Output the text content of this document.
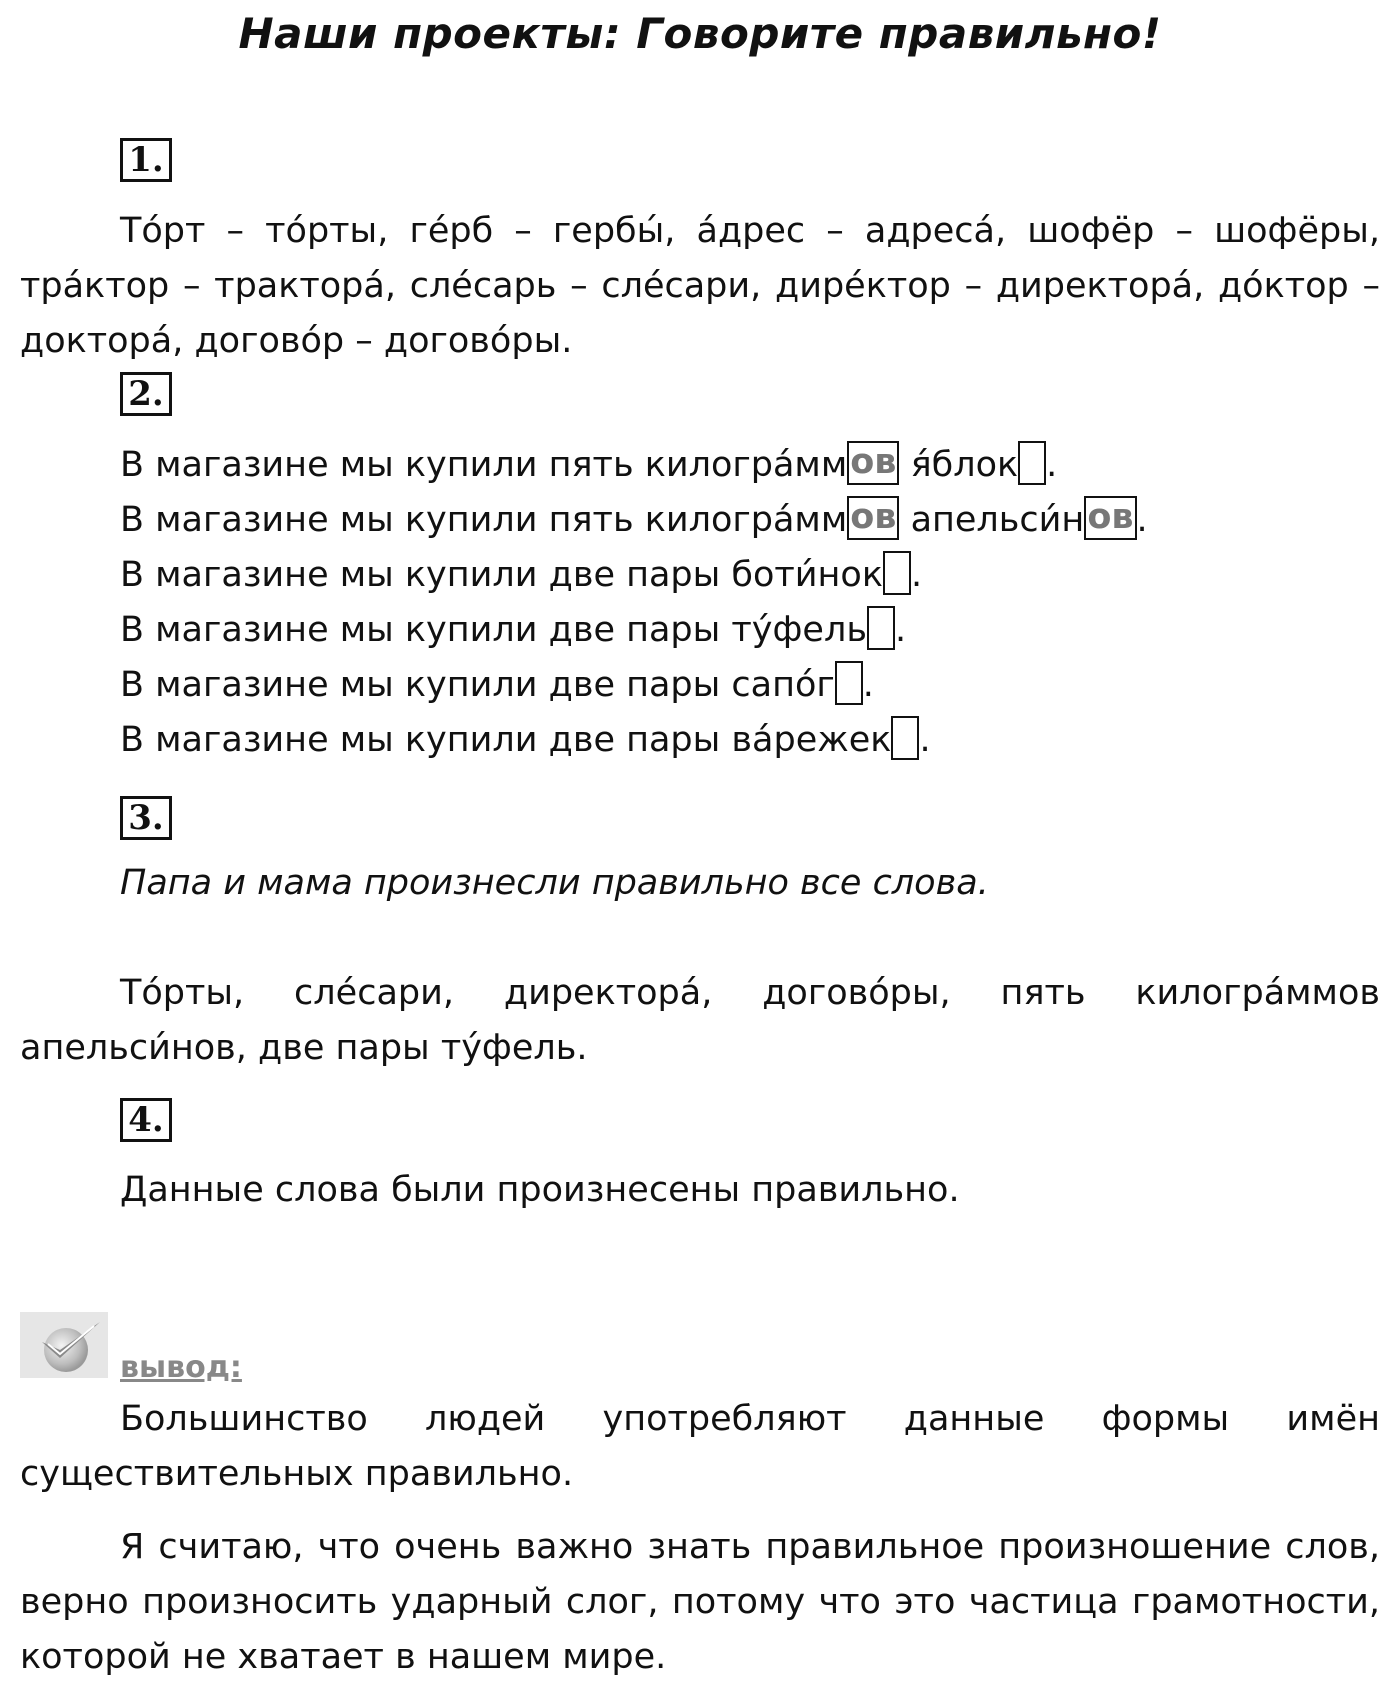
Наши проекты: Говорите правильно!
1.

То́рт – то́рты, ге́рб – гербы́, а́дрес – адреса́, шофёр – шофёры, тра́ктор – трактора́, сле́сарь – сле́сари, дире́ктор – директора́, до́ктор – доктора́, догово́р – догово́ры.

2.

В магазине мы купили пять килогра́ммов я́блок .

В магазине мы купили пять килогра́ммов апельси́нов.

В магазине мы купили две пары боти́нок .

В магазине мы купили две пары ту́фель .

В магазине мы купили две пары сапо́г .

В магазине мы купили две пары ва́режек .

3.

Папа и мама произнесли правильно все слова.

То́рты, сле́сари, директора́, догово́ры, пять килогра́ммов апельси́нов, две пары ту́фель.

4.

Данные слова были произнесены правильно.

вывод:

Большинство людей употребляют данные формы имён существительных правильно.

Я считаю, что очень важно знать правильное произношение слов, верно произносить ударный слог, потому что это частица грамотности, которой не хватает в нашем мире.
